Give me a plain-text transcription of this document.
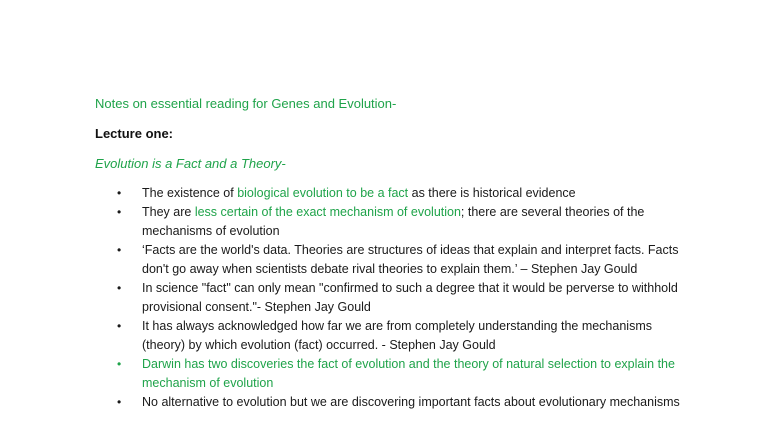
Notes on essential reading for Genes and Evolution-

Lecture one:

Evolution is a Fact and a Theory-

• The existence of biological evolution to be a fact as there is historical evidence
• They are less certain of the exact mechanism of evolution; there are several theories of the mechanisms of evolution
• ‘Facts are the world's data. Theories are structures of ideas that explain and interpret facts. Facts don't go away when scientists debate rival theories to explain them.’ – Stephen Jay Gould
• In science "fact" can only mean "confirmed to such a degree that it would be perverse to withhold provisional consent."- Stephen Jay Gould
• It has always acknowledged how far we are from completely understanding the mechanisms (theory) by which evolution (fact) occurred. - Stephen Jay Gould
• Darwin has two discoveries the fact of evolution and the theory of natural selection to explain the mechanism of evolution
• No alternative to evolution but we are discovering important facts about evolutionary mechanisms
